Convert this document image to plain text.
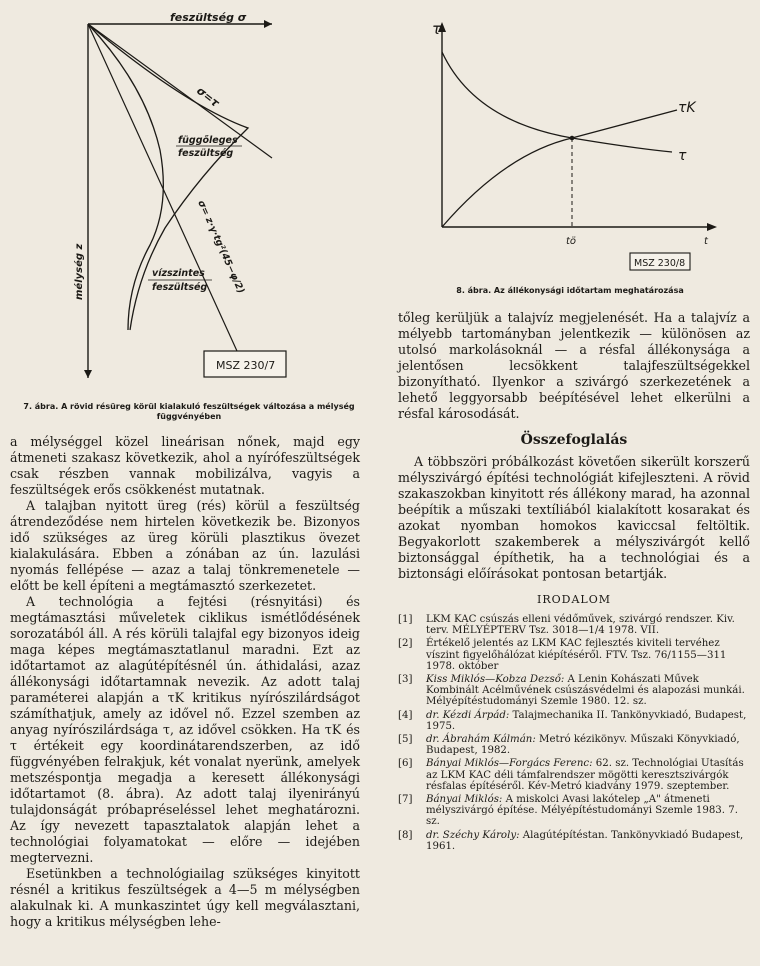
feszültség σ
mélység z
σ=τ
függőleges
feszültség
σ= z·γ·tg²(45−φ/2)
vízszintes
feszültség
MSZ 230/7
7. ábra. A rövid résüreg körül kialakuló feszültségek változása a mélység függvényében
τ
τK
τ
tö	t
MSZ 230/8
8. ábra. Az állékonysági időtartam meghatározása

a mélységgel közel lineárisan nőnek, majd egy átmeneti szakasz következik, ahol a nyírófeszültségek csak részben vannak mobilizálva, vagyis a feszültségek erős csökkenést mutatnak.

A talajban nyitott üreg (rés) körül a feszültség átrendeződése nem hirtelen következik be. Bizonyos idő szükséges az üreg körüli plasztikus övezet kialakulására. Ebben a zónában az ún. lazulási nyomás fellépése — azaz a talaj tönkremenetele — előtt be kell építeni a megtámasztó szerkezetet.

A technológia a fejtési (résnyitási) és megtámasztási műveletek ciklikus ismétlődésének sorozatából áll. A rés körüli talajfal egy bizonyos ideig maga képes megtámasztatlanul maradni. Ezt az időtartamot az alagútépítésnél ún. áthidalási, azaz állékonysági időtartamnak nevezik. Az adott talaj paraméterei alapján a τK kritikus nyírószilárdságot számíthatjuk, amely az idővel nő. Ezzel szemben az anyag nyírószilárdsága τ, az idővel csökken. Ha τK és τ értékeit egy koordinátarendszerben, az idő függvényében felrakjuk, két vonalat nyerünk, amelyek metszéspontja megadja a keresett állékonysági időtartamot (8. ábra). Az adott talaj ilyenirányú tulajdonságát próbapréseléssel lehet meghatározni. Az így nevezett tapasztalatok alapján lehet a technológiai folyamatokat — előre — idejében megtervezni.

Esetünkben a technológiailag szükséges kinyitott résnél a kritikus feszültségek a 4—5 m mélységben alakulnak ki. A munkaszintet úgy kell megválasztani, hogy a kritikus mélységben lehe-

tőleg kerüljük a talajvíz megjelenését. Ha a talajvíz a mélyebb tartományban jelentkezik — különösen az utolsó markolásoknál — a résfal állékonysága a jelentősen lecsökkent talajfeszültségekkel bizonyítható. Ilyenkor a szivárgó szerkezetének a lehető leggyorsabb beépítésével lehet elkerülni a résfal károsodását.

Összefoglalás

A többszöri próbálkozást követően sikerült korszerű mélyszivárgó építési technológiát kifejleszteni. A rövid szakaszokban kinyitott rés állékony marad, ha azonnal beépítik a műszaki textíliából kialakított kosarakat és azokat nyomban homokos kaviccsal feltöltik. Begyakorlott szakemberek a mélyszivárgót kellő biztonsággal építhetik, ha a technológiai és a biztonsági előírásokat pontosan betartják.

IRODALOM
[1] LKM KAC csúszás elleni védőművek, szivárgó rendszer. Kiv. terv. MÉLYÉPTERV Tsz. 3018—1/4 1978. VII.
[2] Értékelő jelentés az LKM KAC fejlesztés kiviteli tervéhez víszint figyelőhálózat kiépítéséről. FTV. Tsz. 76/1155—311 1978. október
[3] Kiss Miklós—Kobza Dezső: A Lenin Kohászati Művek Kombinált Acélművének csúszásvédelmi és alapozási munkái. Mélyépítéstudományi Szemle 1980. 12. sz.
[4] dr. Kézdi Árpád: Talajmechanika II. Tankönyvkiadó, Budapest, 1975.
[5] dr. Ábrahám Kálmán: Metró kézikönyv. Műszaki Könyvkiadó, Budapest, 1982.
[6] Bányai Miklós—Forgács Ferenc: 62. sz. Technológiai Utasítás az LKM KAC déli támfalrendszer mögötti keresztszivárgók résfalas építéséről. Kév-Metró kiadvány 1979. szeptember.
[7] Bányai Miklós: A miskolci Avasi lakótelep „A" átmeneti mélyszivárgó építése. Mélyépítéstudományi Szemle 1983. 7. sz.
[8] dr. Széchy Károly: Alagútépítéstan. Tankönyvkiadó Budapest, 1961.
